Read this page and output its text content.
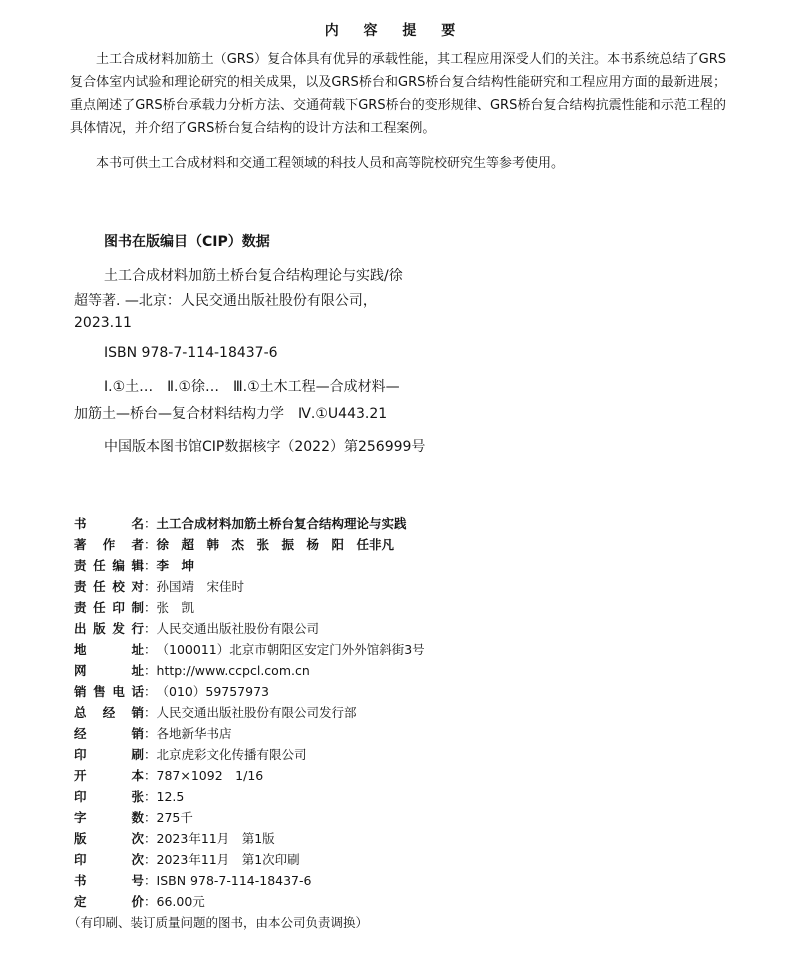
内 容 提 要

土工合成材料加筋土（GRS）复合体具有优异的承载性能，其工程应用深受人们的关注。本书系统总结了GRS复合体室内试验和理论研究的相关成果，以及GRS桥台和GRS桥台复合结构性能研究和工程应用方面的最新进展；重点阐述了GRS桥台承载力分析方法、交通荷载下GRS桥台的变形规律、GRS桥台复合结构抗震性能和示范工程的具体情况，并介绍了GRS桥台复合结构的设计方法和工程案例。

本书可供土工合成材料和交通工程领域的科技人员和高等院校研究生等参考使用。

图书在版编目（CIP）数据
土工合成材料加筋土桥台复合结构理论与实践/徐
超等著. —北京：人民交通出版社股份有限公司，
2023.11
ISBN 978-7-114-18437-6
Ⅰ.①土…　Ⅱ.①徐…　Ⅲ.①土木工程—合成材料—
加筋土—桥台—复合材料结构力学　Ⅳ.①U443.21
中国版本图书馆CIP数据核字（2022）第256999号
书名：土工合成材料加筋土桥台复合结构理论与实践
著作者：徐　超　韩　杰　张　振　杨　阳　任非凡
责任编辑：李　坤
责任校对：孙国靖　宋佳时
责任印制：张　凯
出版发行：人民交通出版社股份有限公司
地址：（100011）北京市朝阳区安定门外外馆斜街3号
网址：http://www.ccpcl.com.cn
销售电话：（010）59757973
总经销：人民交通出版社股份有限公司发行部
经销：各地新华书店
印刷：北京虎彩文化传播有限公司
开本：787×1092　1/16
印张：12.5
字数：275千
版次：2023年11月　第1版
印次：2023年11月　第1次印刷
书号：ISBN 978-7-114-18437-6
定价：66.00元
（有印刷、装订质量问题的图书，由本公司负责调换）
